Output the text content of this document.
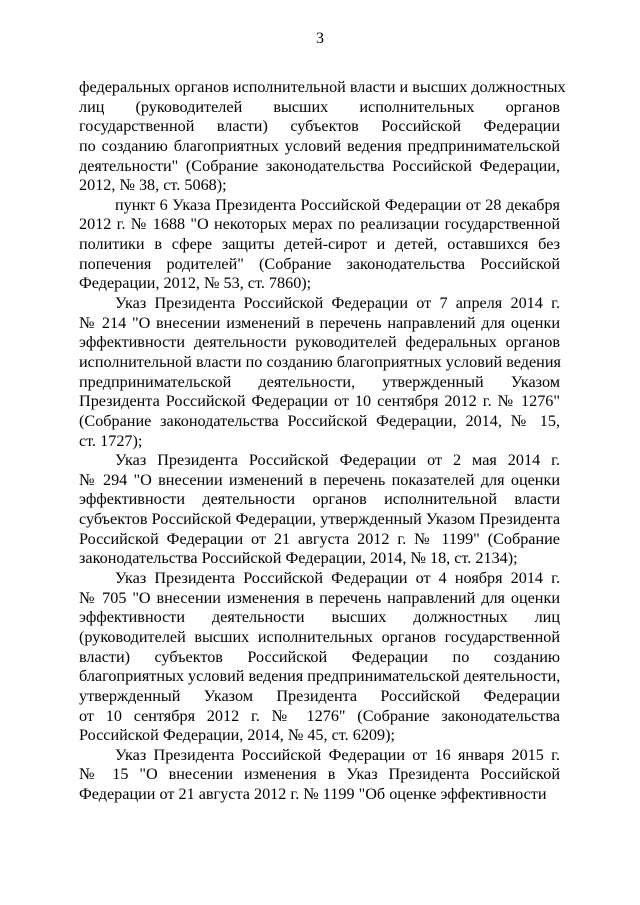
3
федеральных органов исполнительной власти и высших должностных
лиц (руководителей высших исполнительных органов
государственной власти) субъектов Российской Федерации
по созданию благоприятных условий ведения предпринимательской
деятельности" (Собрание законодательства Российской Федерации,
2012, № 38, ст. 5068);
пункт 6 Указа Президента Российской Федерации от 28 декабря
2012 г. № 1688 "О некоторых мерах по реализации государственной
политики в сфере защиты детей-сирот и детей, оставшихся без
попечения родителей" (Собрание законодательства Российской
Федерации, 2012, № 53, ст. 7860);
Указ Президента Российской Федерации от 7 апреля 2014 г.
№ 214 "О внесении изменений в перечень направлений для оценки
эффективности деятельности руководителей федеральных органов
исполнительной власти по созданию благоприятных условий ведения
предпринимательской деятельности, утвержденный Указом
Президента Российской Федерации от 10 сентября 2012 г. № 1276"
(Собрание законодательства Российской Федерации, 2014, № 15,
ст. 1727);
Указ Президента Российской Федерации от 2 мая 2014 г.
№ 294 "О внесении изменений в перечень показателей для оценки
эффективности деятельности органов исполнительной власти
субъектов Российской Федерации, утвержденный Указом Президента
Российской Федерации от 21 августа 2012 г. № 1199" (Собрание
законодательства Российской Федерации, 2014, № 18, ст. 2134);
Указ Президента Российской Федерации от 4 ноября 2014 г.
№ 705 "О внесении изменения в перечень направлений для оценки
эффективности деятельности высших должностных лиц
(руководителей высших исполнительных органов государственной
власти) субъектов Российской Федерации по созданию
благоприятных условий ведения предпринимательской деятельности,
утвержденный Указом Президента Российской Федерации
от 10 сентября 2012 г. № 1276" (Собрание законодательства
Российской Федерации, 2014, № 45, ст. 6209);
Указ Президента Российской Федерации от 16 января 2015 г.
№ 15 "О внесении изменения в Указ Президента Российской
Федерации от 21 августа 2012 г. № 1199 "Об оценке эффективности
